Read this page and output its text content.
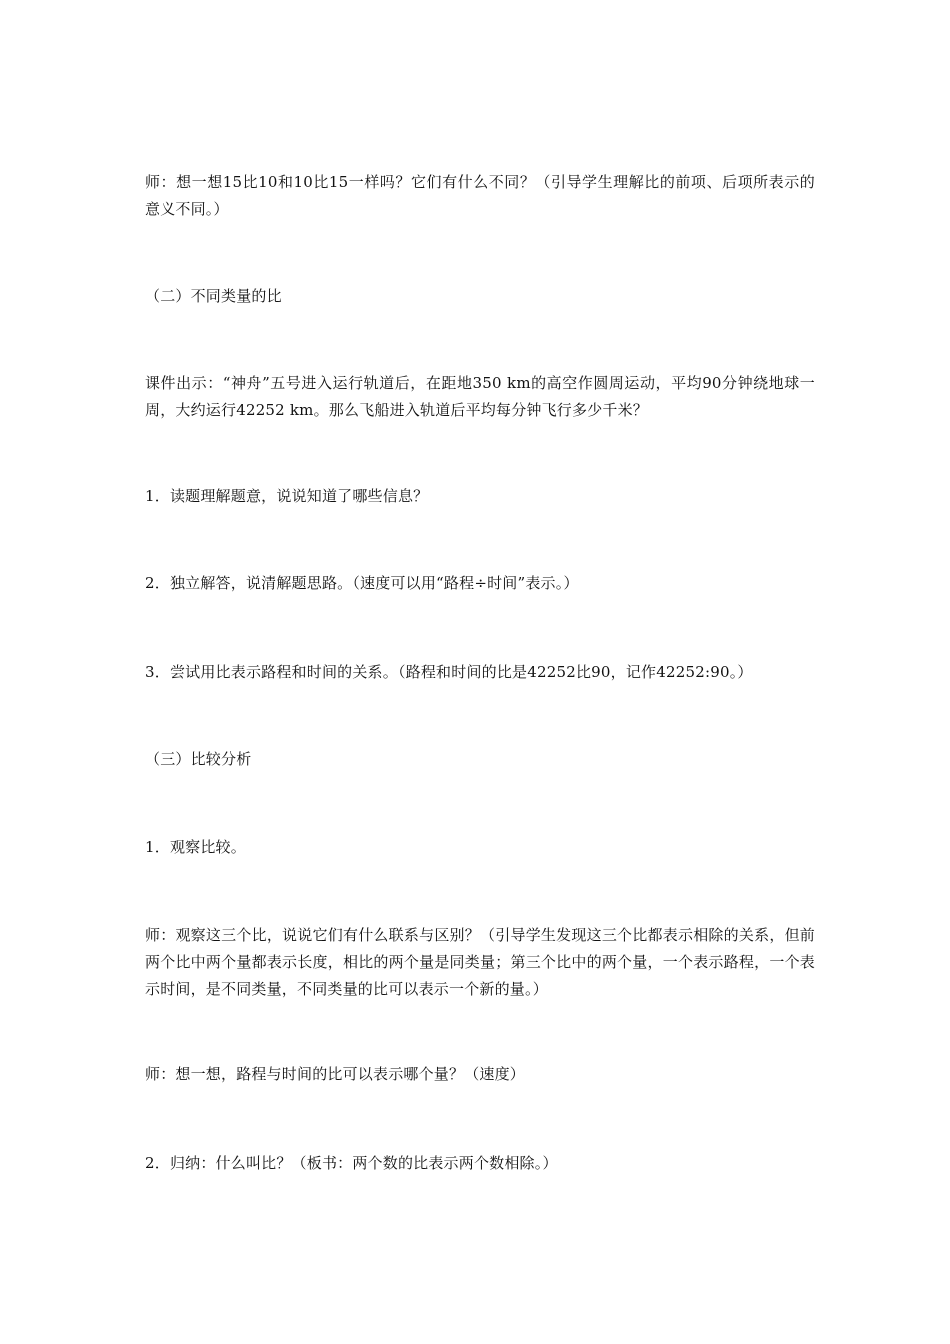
师：想一想15比10和10比15一样吗？它们有什么不同？（引导学生理解比的前项、后项所表示的意义不同。）

（二）不同类量的比

课件出示：“神舟”五号进入运行轨道后，在距地350 km的高空作圆周运动，平均90分钟绕地球一周，大约运行42252 km。那么飞船进入轨道后平均每分钟飞行多少千米？

1．读题理解题意，说说知道了哪些信息？

2．独立解答，说清解题思路。（速度可以用“路程÷时间”表示。）

3．尝试用比表示路程和时间的关系。（路程和时间的比是42252比90，记作42252:90。）

（三）比较分析

1．观察比较。

师：观察这三个比，说说它们有什么联系与区别？（引导学生发现这三个比都表示相除的关系，但前两个比中两个量都表示长度，相比的两个量是同类量；第三个比中的两个量，一个表示路程，一个表示时间，是不同类量，不同类量的比可以表示一个新的量。）

师：想一想，路程与时间的比可以表示哪个量？（速度）

2．归纳：什么叫比？（板书：两个数的比表示两个数相除。）
